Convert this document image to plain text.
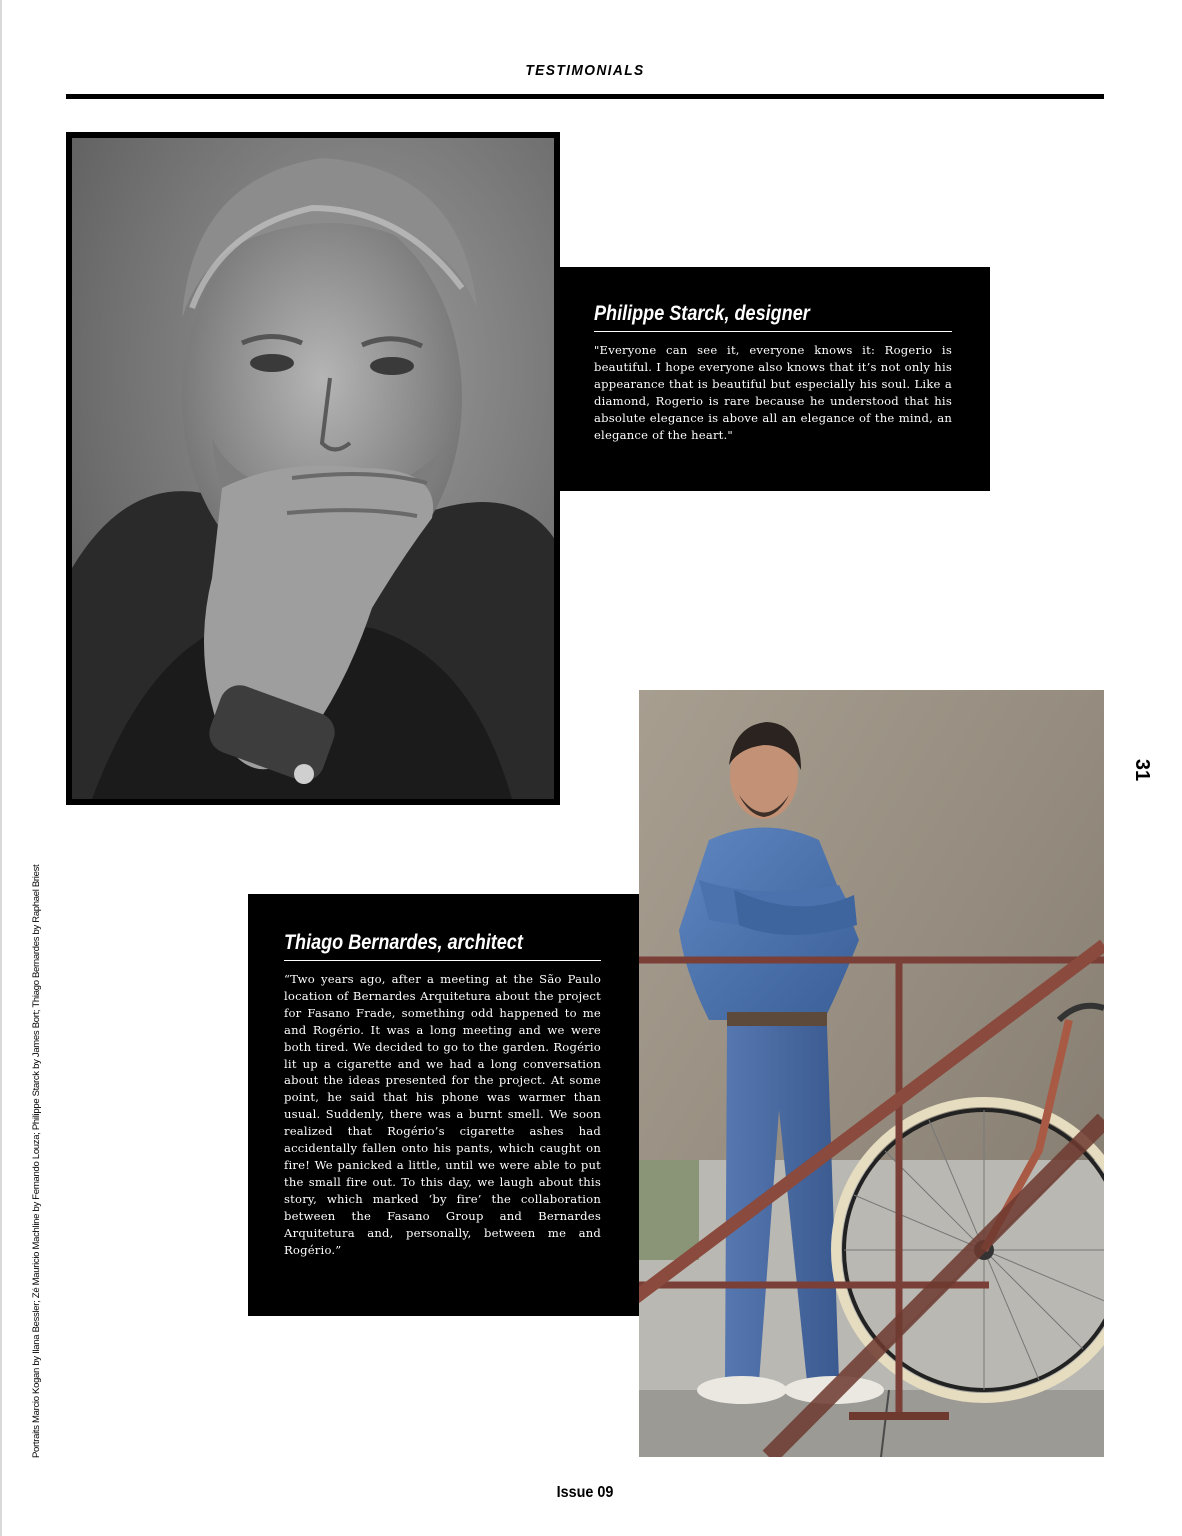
TESTIMONIALS
Philippe Starck, designer
"Everyone can see it, everyone knows it: Rogerio is beautiful. I hope everyone also knows that it’s not only his appearance that is beautiful but especially his soul. Like a diamond, Rogerio is rare because he understood that his absolute elegance is above all an elegance of the mind, an elegance of the heart."
31
Thiago Bernardes, architect
“Two years ago, after a meeting at the São Paulo location of Bernardes Arquitetura about the project for Fasano Frade, something odd happened to me and Rogério. It was a long meeting and we were both tired. We decided to go to the garden. Rogério lit up a cigarette and we had a long conversation about the ideas presented for the project. At some point, he said that his phone was warmer than usual. Suddenly, there was a burnt smell. We soon realized that Rogério’s cigarette ashes had accidentally fallen onto his pants, which caught on fire! We panicked a little, until we were able to put the small fire out. To this day, we laugh about this story, which marked ‘by fire’ the collaboration between the Fasano Group and Bernardes Arquitetura and, personally, between me and Rogério.”
Portraits Marcio Kogan by Ilana Bessler; Zé Mauricio Machline by Fernando Louza; Philippe Starck by James Bort; Thiago Bernardes by Raphael Briest
Issue 09
